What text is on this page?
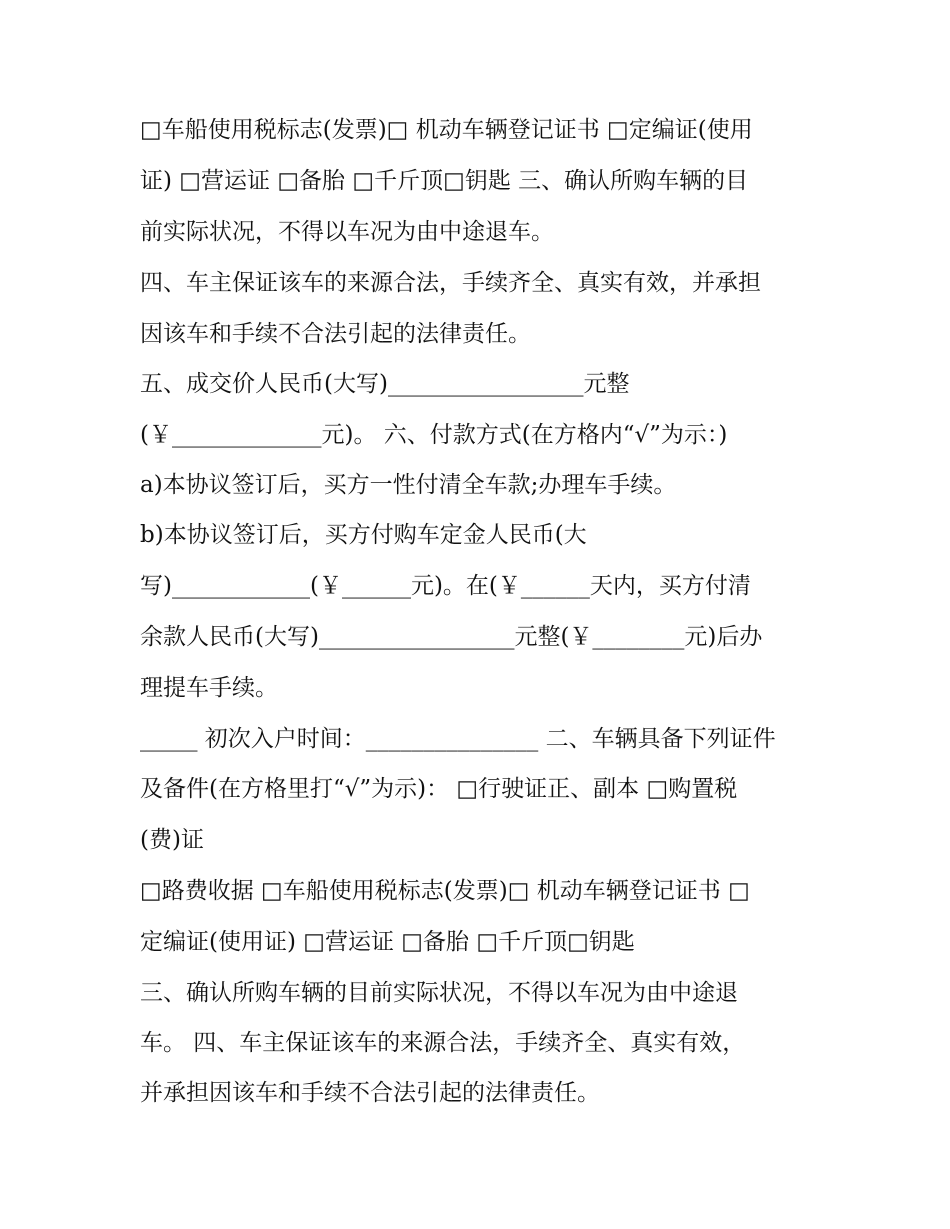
□车船使用税标志(发票)□ 机动车辆登记证书 □定编证(使用
证) □营运证 □备胎 □千斤顶□钥匙 三、确认所购车辆的目
前实际状况，不得以车况为由中途退车。
四、车主保证该车的来源合法，手续齐全、真实有效，并承担
因该车和手续不合法引起的法律责任。
五、成交价人民币(大写)_________________元整
(￥_____________元)。 六、付款方式(在方格内“√”为示：)
a)本协议签订后，买方一性付清全车款;办理车手续。
b)本协议签订后，买方付购车定金人民币(大
写)____________(￥______元)。在(￥______天内，买方付清
余款人民币(大写)_________________元整(￥________元)后办
理提车手续。
_____ 初次入户时间：_______________ 二、车辆具备下列证件
及备件(在方格里打“√”为示)： □行驶证正、副本 □购置税
(费)证
□路费收据 □车船使用税标志(发票)□ 机动车辆登记证书 □
定编证(使用证) □营运证 □备胎 □千斤顶□钥匙
三、确认所购车辆的目前实际状况，不得以车况为由中途退
车。 四、车主保证该车的来源合法，手续齐全、真实有效，
并承担因该车和手续不合法引起的法律责任。
